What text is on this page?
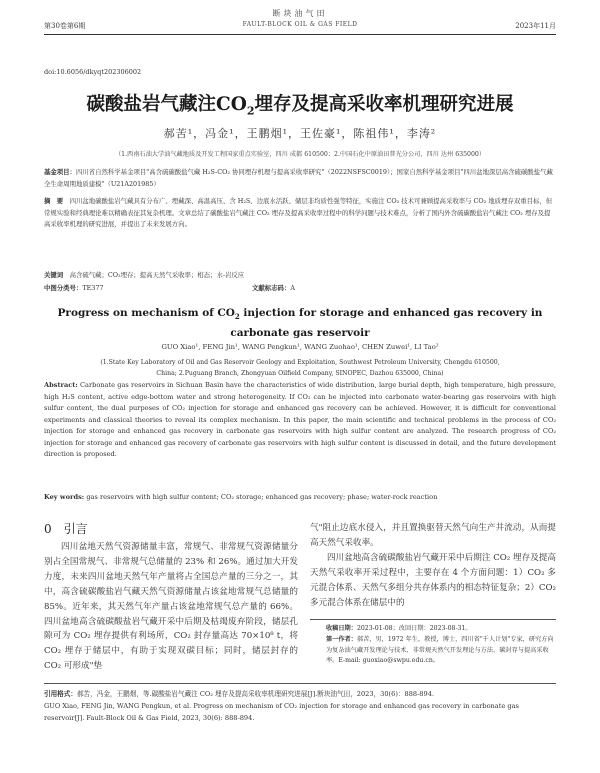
断块油气田
FAULT-BLOCK OIL & GAS FIELD
第30卷第6期	2023年11月
doi:10.6056/dkyqt202306002
碳酸盐岩气藏注$CO_2$埋存及提高采收率机理研究进展
郝苦¹，冯金¹，王鹏烟¹，王佐豪¹，陈祖伟¹，李涛²
（1.西南石油大学油气藏地质及开发工程国家重点实验室，四川 成都 610500；2.中国石化中原油田普光分公司，四川 达州 635000）
基金项目：四川省自然科学基金项目"高含硫碳酸盐气藏 H₂S-CO₂ 协同埋存机理与提高采收率研究"（2022NSFSC0019）；国家自然科学基金项目"四川盆地深层高含硫碳酸盐气藏全生命周期地质建模"（U21A201985）
摘　要　 四川盆地碳酸盐岩气藏具有分布广、埋藏深、高温高压、含 H₂S、边底水活跃、储层非均质性强等特征，实施注 CO₂ 技术可兼顾提高采收率与 CO₂ 地质埋存双重目标，但常规实验和经典理论难以精确表征其复杂机理。文章总结了碳酸盐岩气藏注 CO₂ 埋存及提高采收率过程中的科学问题与技术难点，分析了国内外含硫碳酸盐岩气藏注 CO₂ 埋存及提高采收率机理的研究进展，并提出了未来发展方向。
关键词　 高含硫气藏；CO₂埋存；提高天然气采收率；相态；水-岩反应
中图分类号：TE377	文献标志码：A
Progress on mechanism of $CO_2$ injection for storage and enhanced gas recovery in
carbonate gas reservoir
GUO Xiao¹, FENG Jin¹, WANG Pengkun¹, WANG Zuohao¹, CHEN Zuwei¹, LI Tao²
(1.State Key Laboratory of Oil and Gas Reservoir Geology and Exploitation, Southwest Petroleum University, Chengdu 610500,
China; 2.Puguang Branch, Zhongyuan Oilfield Company, SINOPEC, Dazhou 635000, China)
Abstract: Carbonate gas reservoirs in Sichuan Basin have the characteristics of wide distribution, large burial depth, high temperature, high pressure, high H₂S content, active edge-bottom water and strong heterogeneity. If CO₂ can be injected into carbonate water-bearing gas reservoirs with high sulfur content, the dual purposes of CO₂ injection for storage and enhanced gas recovery can be achieved. However, it is difficult for conventional experiments and classical theories to reveal its complex mechanism. In this paper, the main scientific and technical problems in the process of CO₂ injection for storage and enhanced gas recovery in carbonate gas reservoirs with high sulfur content are analyzed. The research progress of CO₂ injection for storage and enhanced gas recovery of carbonate gas reservoirs with high sulfur content is discussed in detail, and the future development direction is proposed.
Key words: gas reservoirs with high sulfur content; CO₂ storage; enhanced gas recovery; phase; water-rock reaction
0　引言
四川盆地天然气资源储量丰富，常规气、非常规气资源储量分别占全国常规气、非常规气总储量的 23% 和 26%。通过加大开发力度，未来四川盆地天然气年产量将占全国总产量的三分之一，其中，高含硫碳酸盐岩气藏天然气资源储量占该盆地常规气总储量的 85%。近年来，其天然气年产量占该盆地常规气总产量的 66%。四川盆地高含硫碳酸盐岩气藏开采中后期及枯竭废弃阶段，储层孔隙可为 CO₂ 埋存提供有利场所，CO₂ 封存量高达 70×10⁸ t，将 CO₂ 埋存于储层中，有助于实现双碳目标；同时，储层封存的 CO₂ 可形成"垫
气"阻止边底水侵入，并且置换驱替天然气向生产井流动，从而提高天然气采收率。
四川盆地高含硫碳酸盐岩气藏开采中后期注 CO₂ 埋存及提高天然气采收率开采过程中，主要存在 4 个方面问题：1）CO₂ 多元混合体系、天然气多组分共存体系内的相态特征复杂；2）CO₂ 多元混合体系在储层中的
收稿日期：2023-01-08；改回日期：2023-08-31。
第一作者：郝苦，男，1972 年生，教授，博士，四川省"千人计划"专家，研究方向为复杂油气藏开发理论与技术、非常规天然气开发理论与方法、碳封存与提高采收率。E-mail: guoxiao@swpu.edu.cn。
引用格式：郝苦，冯金，王鹏烟，等.碳酸盐岩气藏注 CO₂ 埋存及提高采收率机理研究进展[J].断块油气田，2023，30(6)：888-894.
GUO Xiao, FENG Jin, WANG Pengkun, et al. Progress on mechanism of CO₂ injection for storage and enhanced gas recovery in carbonate gas reservoir[J]. Fault-Block Oil & Gas Field, 2023, 30(6): 888-894.
